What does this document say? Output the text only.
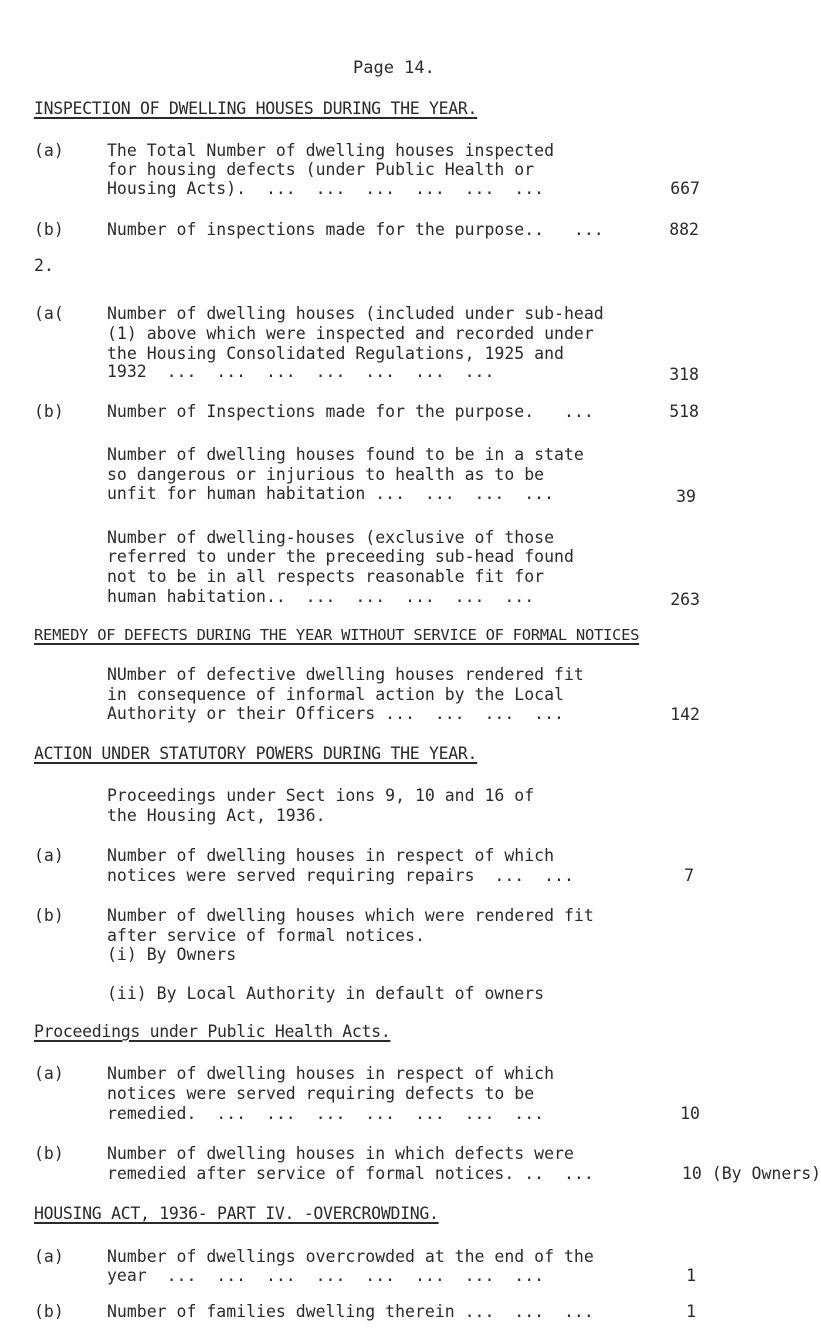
Page 14.
INSPECTION OF DWELLING HOUSES DURING THE YEAR.
(a)	The Total Number of dwelling houses inspected
for housing defects (under Public Health or
Housing Acts).  ...  ...  ...  ...  ...  ...	667
(b)	Number of inspections made for the purpose..   ...	882
2.
(a(	Number of dwelling houses (included under sub-head
(1) above which were inspected and recorded under
the Housing Consolidated Regulations, 1925 and
1932  ...  ...  ...  ...  ...  ...  ...	318
(b)	Number of Inspections made for the purpose.   ...	518
Number of dwelling houses found to be in a state
so dangerous or injurious to health as to be
unfit for human habitation ...  ...  ...  ...	39
Number of dwelling-houses (exclusive of those
referred to under the preceeding sub-head found
not to be in all respects reasonable fit for
human habitation..  ...  ...  ...  ...  ...	263
REMEDY OF DEFECTS DURING THE YEAR WITHOUT SERVICE OF FORMAL NOTICES
NUmber of defective dwelling houses rendered fit
in consequence of informal action by the Local
Authority or their Officers ...  ...  ...  ...	142
ACTION UNDER STATUTORY POWERS DURING THE YEAR.
Proceedings under Sect ions 9, 10 and 16 of
the Housing Act, 1936.
(a)	Number of dwelling houses in respect of which
notices were served requiring repairs  ...  ...	7
(b)	Number of dwelling houses which were rendered fit
after service of formal notices.
(i) By Owners
(ii) By Local Authority in default of owners
Proceedings under Public Health Acts.
(a)	Number of dwelling houses in respect of which
notices were served requiring defects to be
remedied.  ...  ...  ...  ...  ...  ...  ...	10
(b)	Number of dwelling houses in which defects were
remedied after service of formal notices. ..  ...	10 (By Owners)
HOUSING ACT, 1936- PART IV. -OVERCROWDING.
(a)	Number of dwellings overcrowded at the end of the
year  ...  ...  ...  ...  ...  ...  ...  ...	1
(b)	Number of families dwelling therein ...  ...  ...	1
